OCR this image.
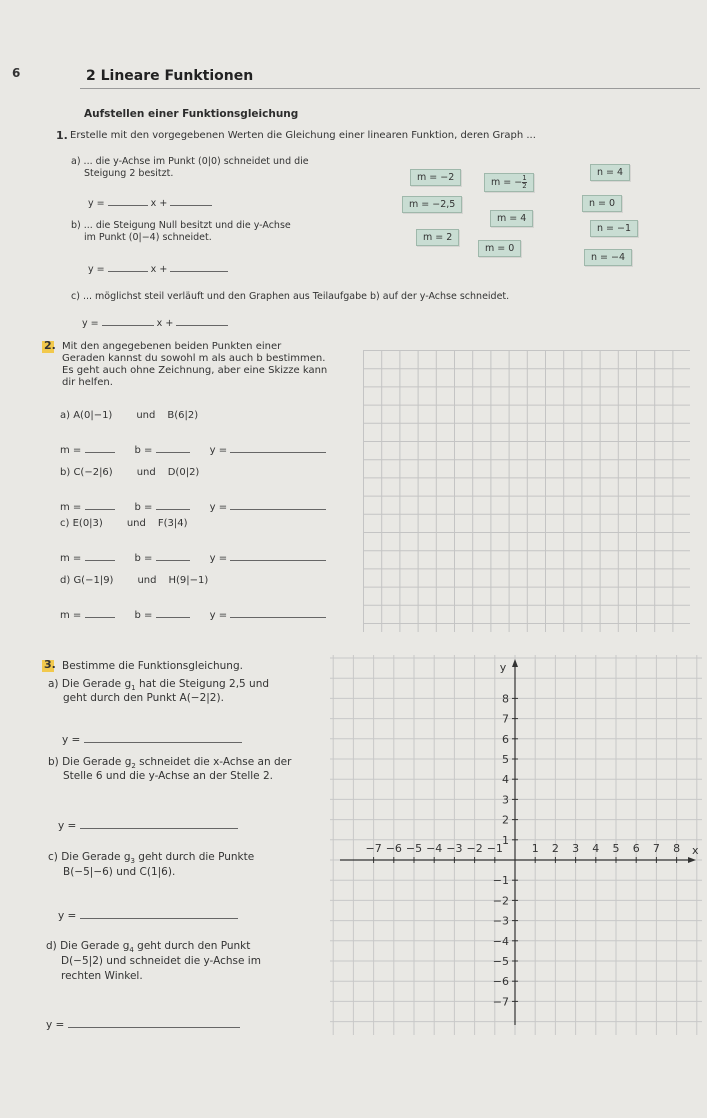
6	2 Lineare Funktionen
Aufstellen einer Funktionsgleichung
1. Erstelle mit den vorgegebenen Werten die Gleichung einer linearen Funktion, deren Graph ...
a) ... die y-Achse im Punkt (0|0) schneidet und die
Steigung 2 besitzt.
y =	x +
b) ... die Steigung Null besitzt und die y-Achse
im Punkt (0|−4) schneidet.
y =	x +
c) ... möglichst steil verläuft und den Graphen aus Teilaufgabe b) auf der y-Achse schneidet.
y =	x +
m = −2	m = − $\frac{1}{2}$
n = 4
m = −2,5	n = 0
m = 4
n = −1
m = 2
m = 0
n = −4
2. Mit den angegebenen beiden Punkten einer
Geraden kannst du sowohl m als auch b bestimmen.
Es geht auch ohne Zeichnung, aber eine Skizze kann
dir helfen.
a) A(0|−1) und B(6|2)
m =	b =	y =
b) C(−2|6) und D(0|2)
m =	b =	y =
c) E(0|3) und F(3|4)
m =	b =	y =
d) G(−1|9) und H(9|−1)
m =	b =	y =
3. Bestimme die Funktionsgleichung.
a) Die Gerade $g_1$ hat die Steigung 2,5 und
geht durch den Punkt A(−2|2).
y =
b) Die Gerade $g_2$ schneidet die x-Achse an der
Stelle 6 und die y-Achse an der Stelle 2.
y =
c) Die Gerade $g_3$ geht durch die Punkte
B(−5|−6) und C(1|6).
y =
d) Die Gerade $g_4$ geht durch den Punkt
D(−5|2) und schneidet die y-Achse im
rechten Winkel.
y =
−7 −6 −5 −4 −3 −2 −1	1 2 3 4 5 6 7 8
8
7
6
5
4
3
2
1
−1
−2
−3
−4
−5
−6
−7
x
y
